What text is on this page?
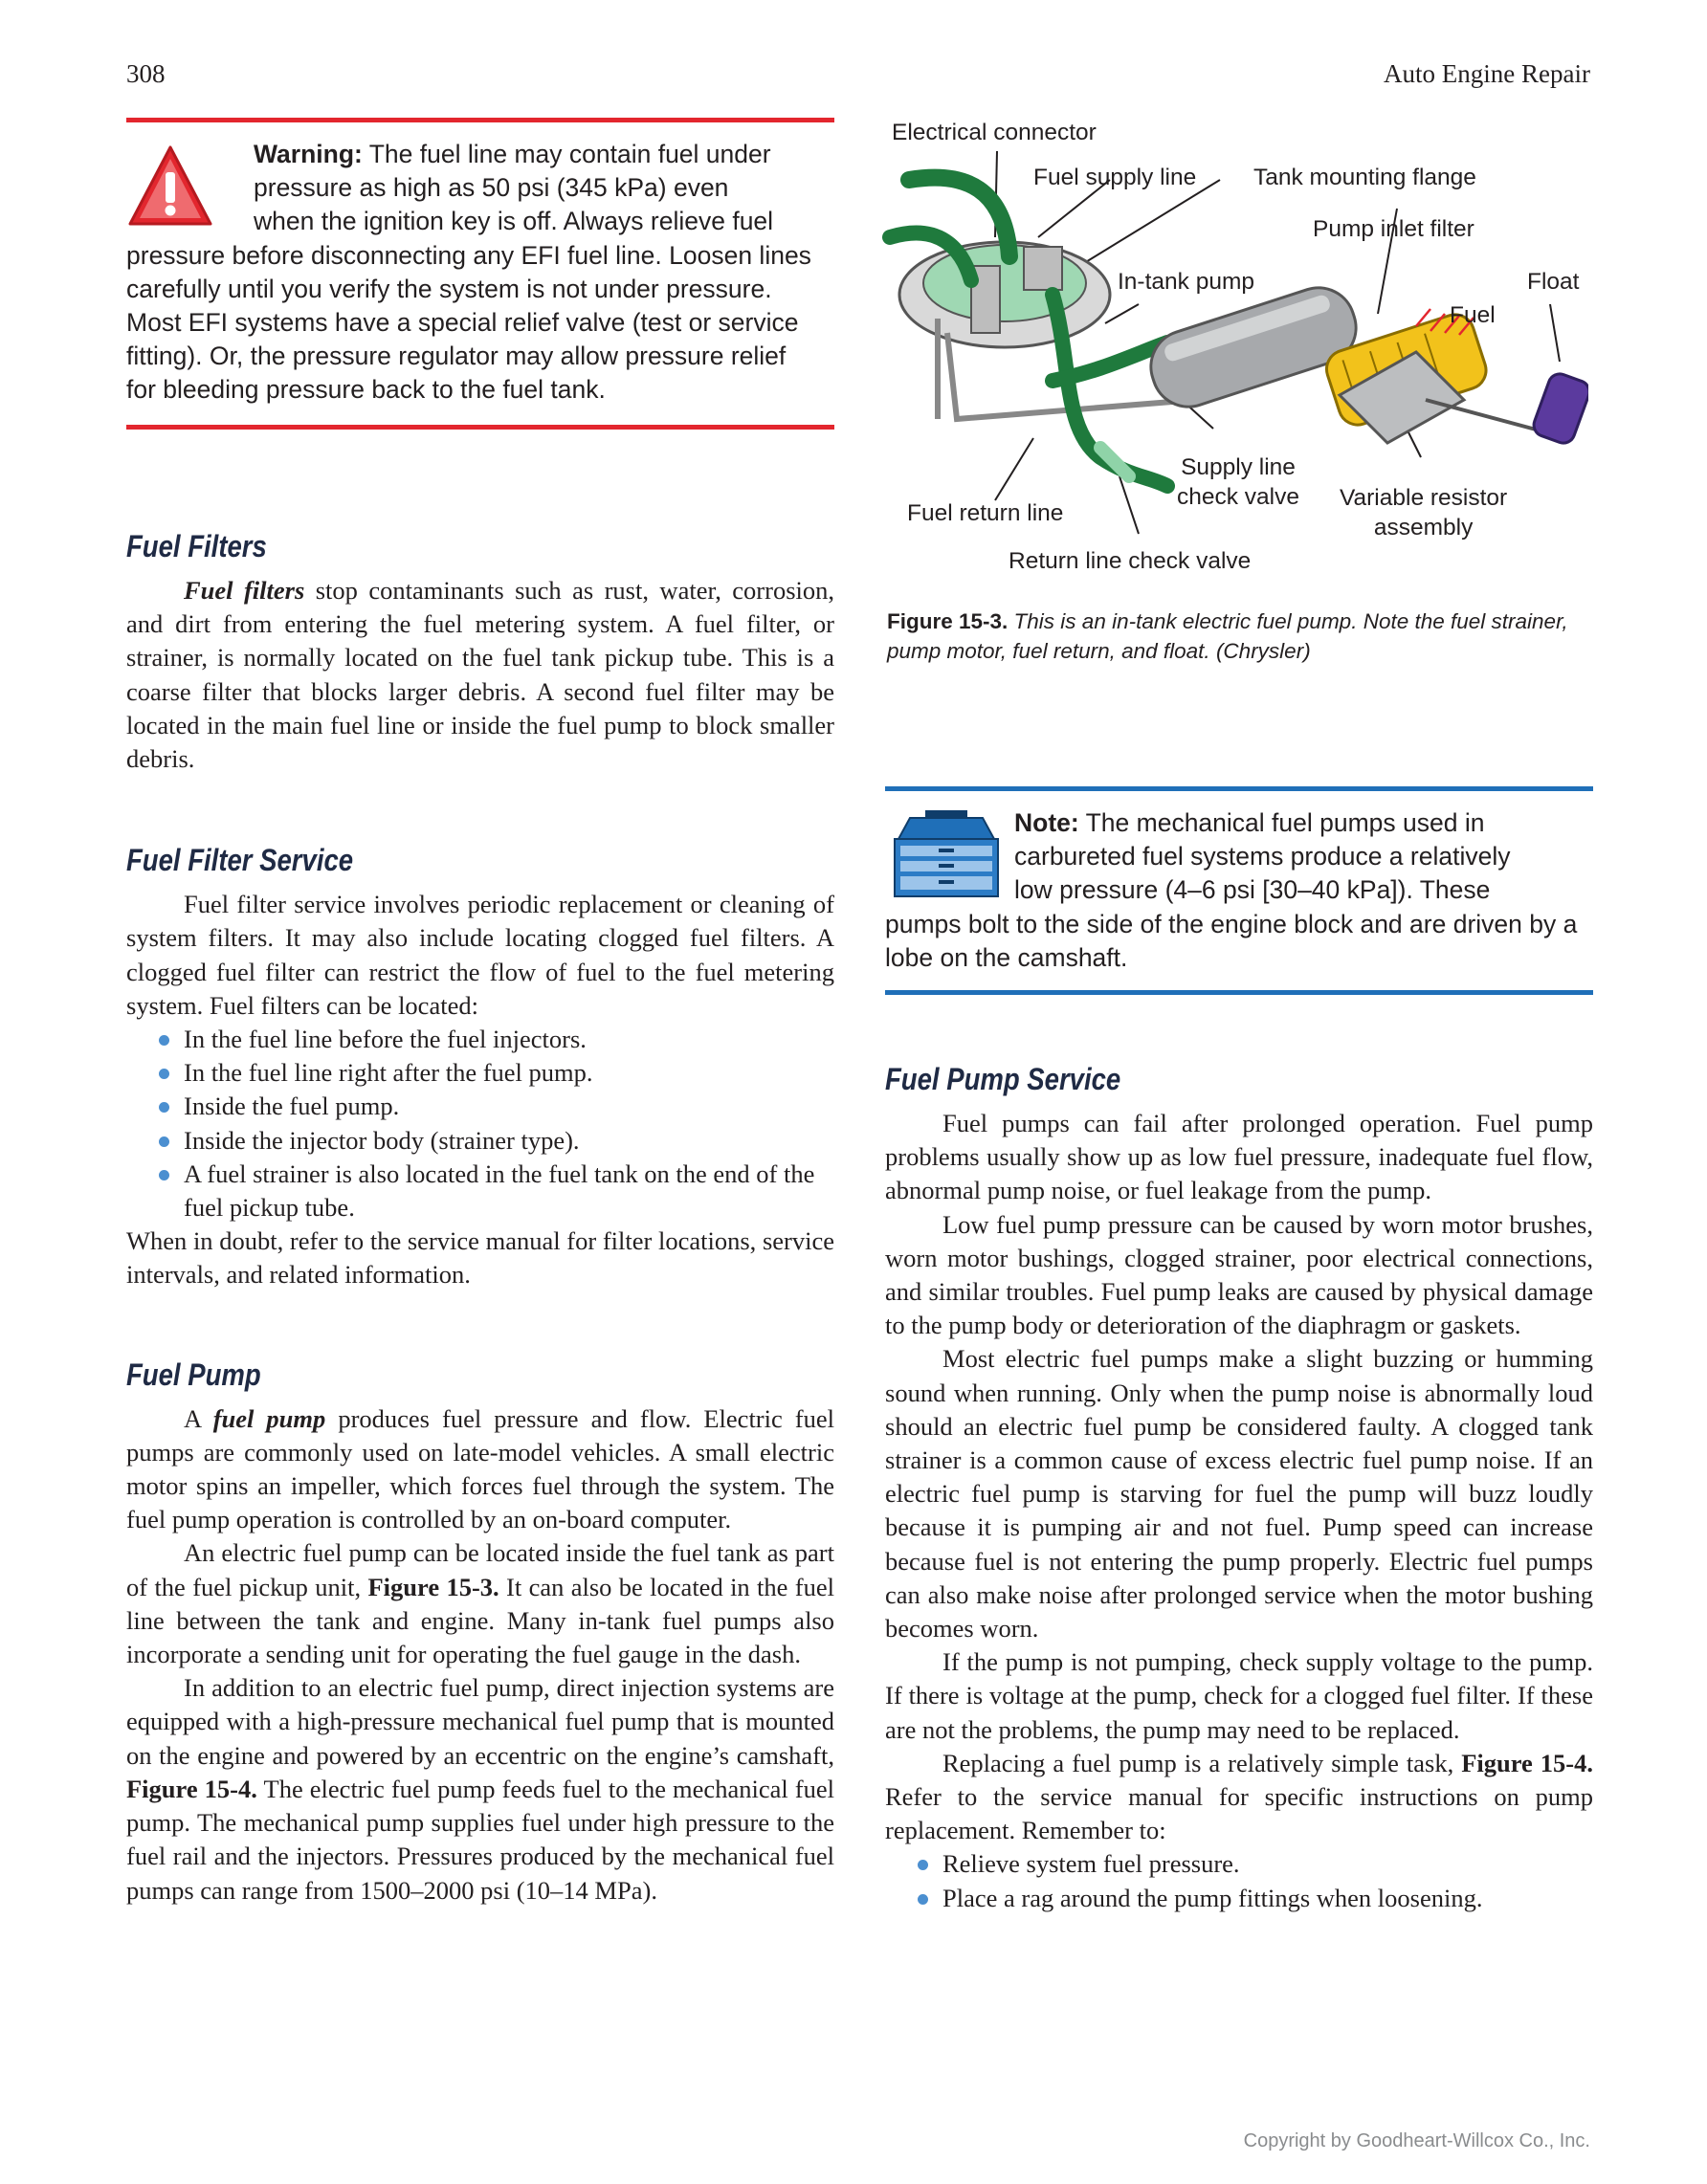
308	Auto Engine Repair
Warning: The fuel line may contain fuel under
pressure as high as 50 psi (345 kPa) even
when the ignition key is off. Always relieve fuel

pressure before disconnecting any EFI fuel line. Loosen lines carefully until you verify the system is not under pressure. Most EFI systems have a special relief valve (test or service fitting). Or, the pressure regulator may allow pressure relief for bleeding pressure back to the fuel tank.

Fuel Filters

Fuel filters stop contaminants such as rust, water, corrosion, and dirt from entering the fuel metering system. A fuel filter, or strainer, is normally located on the fuel tank pickup tube. This is a coarse filter that blocks larger debris. A second fuel filter may be located in the main fuel line or inside the fuel pump to block smaller debris.

Fuel Filter Service

Fuel filter service involves periodic replacement or cleaning of system filters. It may also include locating clogged fuel filters. A clogged fuel filter can restrict the flow of fuel to the fuel metering system. Fuel filters can be located:

In the fuel line before the fuel injectors.
In the fuel line right after the fuel pump.
Inside the fuel pump.
Inside the injector body (strainer type).
A fuel strainer is also located in the fuel tank on the end of the fuel pickup tube.

When in doubt, refer to the service manual for filter locations, service intervals, and related information.

Fuel Pump

A fuel pump produces fuel pressure and flow. Electric fuel pumps are commonly used on late-model vehicles. A small electric motor spins an impeller, which forces fuel through the system. The fuel pump operation is controlled by an on-board computer.

An electric fuel pump can be located inside the fuel tank as part of the fuel pickup unit, Figure 15-3. It can also be located in the fuel line between the tank and engine. Many in-tank fuel pumps also incorporate a sending unit for operating the fuel gauge in the dash.

In addition to an electric fuel pump, direct injection systems are equipped with a high-pressure mechanical fuel pump that is mounted on the engine and powered by an eccentric on the engine’s camshaft, Figure 15-4. The electric fuel pump feeds fuel to the mechanical fuel pump. The mechanical pump supplies fuel under high pressure to the fuel rail and the injectors. Pressures produced by the mechanical fuel pumps can range from 1500–2000 psi (10–14 MPa).

Electrical connector
Fuel supply line Tank mounting flange
Pump inlet filter
In-tank pump	Float
Fuel
Supply line
check valve Variable resistor
assembly
Fuel return line
Return line check valve

Figure 15-3. This is an in-tank electric fuel pump. Note the fuel strainer, pump motor, fuel return, and float. (Chrysler)

Note: The mechanical fuel pumps used in
carbureted fuel systems produce a relatively
low pressure (4–6 psi [30–40 kPa]). These

pumps bolt to the side of the engine block and are driven by a lobe on the camshaft.

Fuel Pump Service

Fuel pumps can fail after prolonged operation. Fuel pump problems usually show up as low fuel pressure, inadequate fuel flow, abnormal pump noise, or fuel leakage from the pump.

Low fuel pump pressure can be caused by worn motor brushes, worn motor bushings, clogged strainer, poor electrical connections, and similar troubles. Fuel pump leaks are caused by physical damage to the pump body or deterioration of the diaphragm or gaskets.

Most electric fuel pumps make a slight buzzing or humming sound when running. Only when the pump noise is abnormally loud should an electric fuel pump be considered faulty. A clogged tank strainer is a common cause of excess electric fuel pump noise. If an electric fuel pump is starving for fuel the pump will buzz loudly because it is pumping air and not fuel. Pump speed can increase because fuel is not entering the pump properly. Electric fuel pumps can also make noise after prolonged service when the motor bushing becomes worn.

If the pump is not pumping, check supply voltage to the pump. If there is voltage at the pump, check for a clogged fuel filter. If these are not the problems, the pump may need to be replaced.

Replacing a fuel pump is a relatively simple task, Figure 15-4. Refer to the service manual for specific instructions on pump replacement. Remember to:

Relieve system fuel pressure.
Place a rag around the pump fittings when loosening.
Copyright by Goodheart-Willcox Co., Inc.
